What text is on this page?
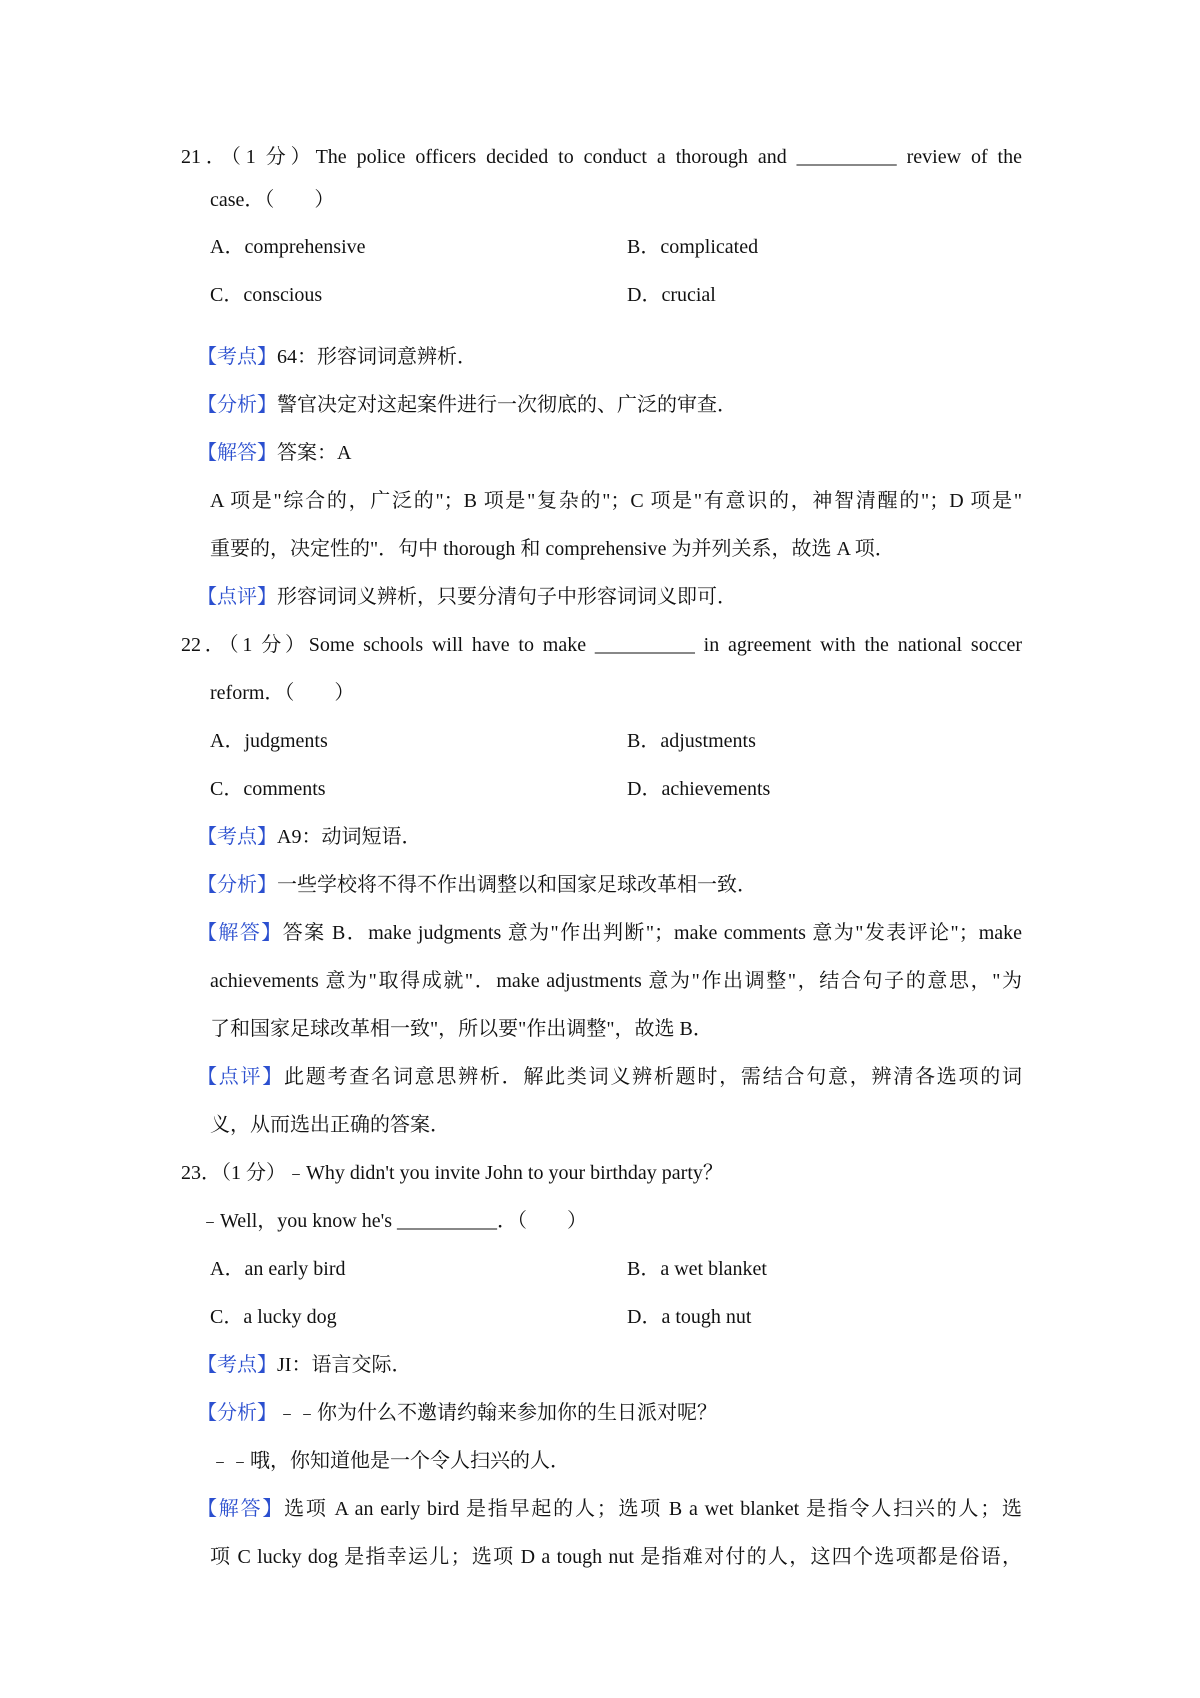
21．（1 分）The police officers decided to conduct a thorough and __________ review of the
case．（　　）
A．comprehensive	B．complicated
C．conscious	D．crucial
【考点】64：形容词词意辨析．
【分析】警官决定对这起案件进行一次彻底的、广泛的审查．
【解答】答案：A
A 项是"综合的，广泛的"；B 项是"复杂的"；C 项是"有意识的，神智清醒的"；D 项是"
重要的，决定性的"．句中 thorough 和 comprehensive 为并列关系，故选 A 项．
【点评】形容词词义辨析，只要分清句子中形容词词义即可．
22．（1 分）Some schools will have to make __________ in agreement with the national soccer
reform．（　　）
A．judgments	B．adjustments
C．comments	D．achievements
【考点】A9：动词短语．
【分析】一些学校将不得不作出调整以和国家足球改革相一致．
【解答】答案 B．make judgments 意为"作出判断"；make comments 意为"发表评论"；make
achievements 意为"取得成就"．make adjustments 意为"作出调整"，结合句子的意思，"为
了和国家足球改革相一致"，所以要"作出调整"，故选 B．
【点评】此题考查名词意思辨析．解此类词义辨析题时，需结合句意，辨清各选项的词
义，从而选出正确的答案．
23．（1 分）﹣Why didn't you invite John to your birthday party？
﹣Well，you know he's __________．（　　）
A．an early bird	B．a wet blanket
C．a lucky dog	D．a tough nut
【考点】JI：语言交际．
【分析】﹣﹣你为什么不邀请约翰来参加你的生日派对呢？
﹣﹣哦，你知道他是一个令人扫兴的人．
【解答】选项 A an early bird 是指早起的人；选项 B a wet blanket 是指令人扫兴的人；选
项 C lucky dog 是指幸运儿；选项 D a tough nut 是指难对付的人，这四个选项都是俗语，
